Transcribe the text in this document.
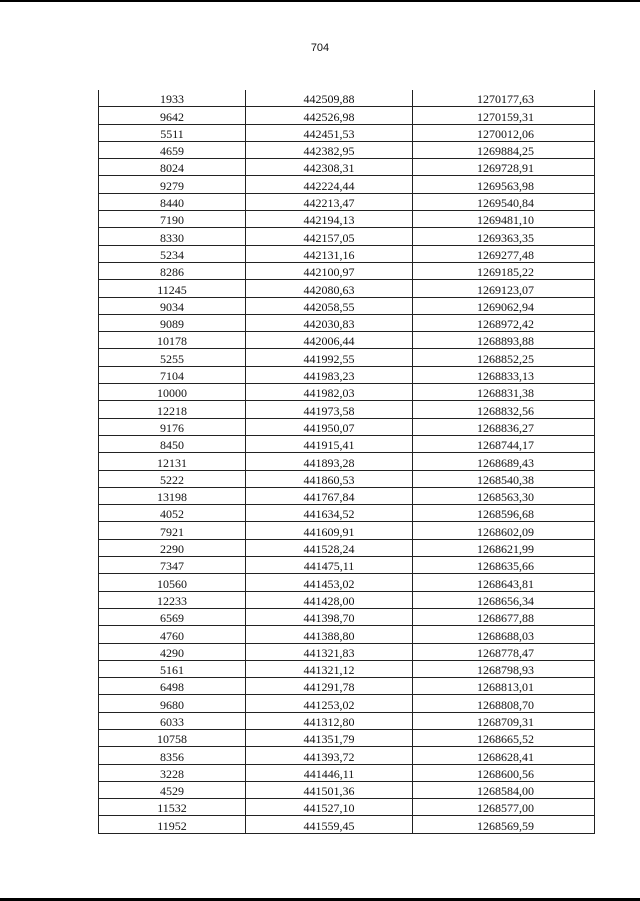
704
1933	442509,88	1270177,63
9642	442526,98	1270159,31
5511	442451,53	1270012,06
4659	442382,95	1269884,25
8024	442308,31	1269728,91
9279	442224,44	1269563,98
8440	442213,47	1269540,84
7190	442194,13	1269481,10
8330	442157,05	1269363,35
5234	442131,16	1269277,48
8286	442100,97	1269185,22
11245	442080,63	1269123,07
9034	442058,55	1269062,94
9089	442030,83	1268972,42
10178	442006,44	1268893,88
5255	441992,55	1268852,25
7104	441983,23	1268833,13
10000	441982,03	1268831,38
12218	441973,58	1268832,56
9176	441950,07	1268836,27
8450	441915,41	1268744,17
12131	441893,28	1268689,43
5222	441860,53	1268540,38
13198	441767,84	1268563,30
4052	441634,52	1268596,68
7921	441609,91	1268602,09
2290	441528,24	1268621,99
7347	441475,11	1268635,66
10560	441453,02	1268643,81
12233	441428,00	1268656,34
6569	441398,70	1268677,88
4760	441388,80	1268688,03
4290	441321,83	1268778,47
5161	441321,12	1268798,93
6498	441291,78	1268813,01
9680	441253,02	1268808,70
6033	441312,80	1268709,31
10758	441351,79	1268665,52
8356	441393,72	1268628,41
3228	441446,11	1268600,56
4529	441501,36	1268584,00
11532	441527,10	1268577,00
11952	441559,45	1268569,59
